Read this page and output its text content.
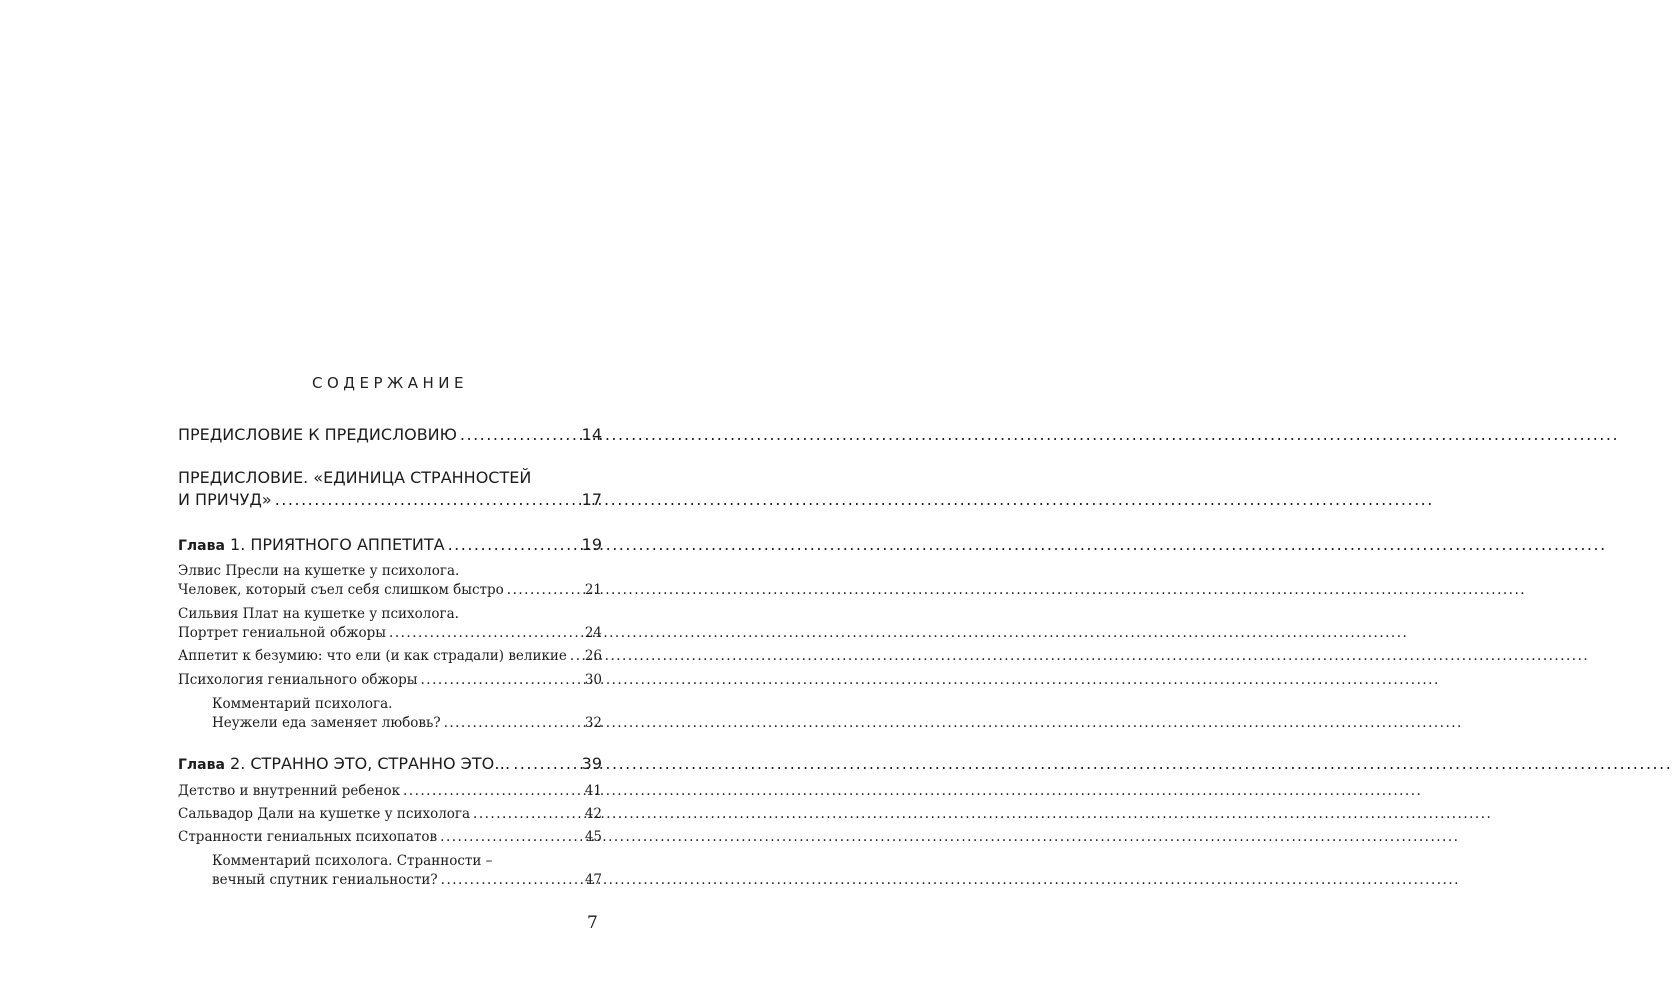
СОДЕРЖАНИЕ
ПРЕДИСЛОВИЕ К ПРЕДИСЛОВИЮ .....	14
ПРЕДИСЛОВИЕ. «ЕДИНИЦА СТРАННОСТЕЙ
И ПРИЧУД» .....	17
Глава 1. ПРИЯТНОГО АППЕТИТА .....	19
Элвис Пресли на кушетке у психолога.
Человек, который съел себя слишком быстро .....	21
Сильвия Плат на кушетке у психолога.
Портрет гениальной обжоры .....	24
Аппетит к безумию: что ели (и как страдали) великие ..... 26
Психология гениального обжоры .....	30
Комментарий психолога.
Неужели еда заменяет любовь? .....	32
Глава 2. СТРАННО ЭТО, СТРАННО ЭТО… .....	39
Детство и внутренний ребенок .....	41
Сальвадор Дали на кушетке у психолога .....	42
Странности гениальных психопатов .....	45
Комментарий психолога. Странности –
вечный спутник гениальности? .....	47
7
